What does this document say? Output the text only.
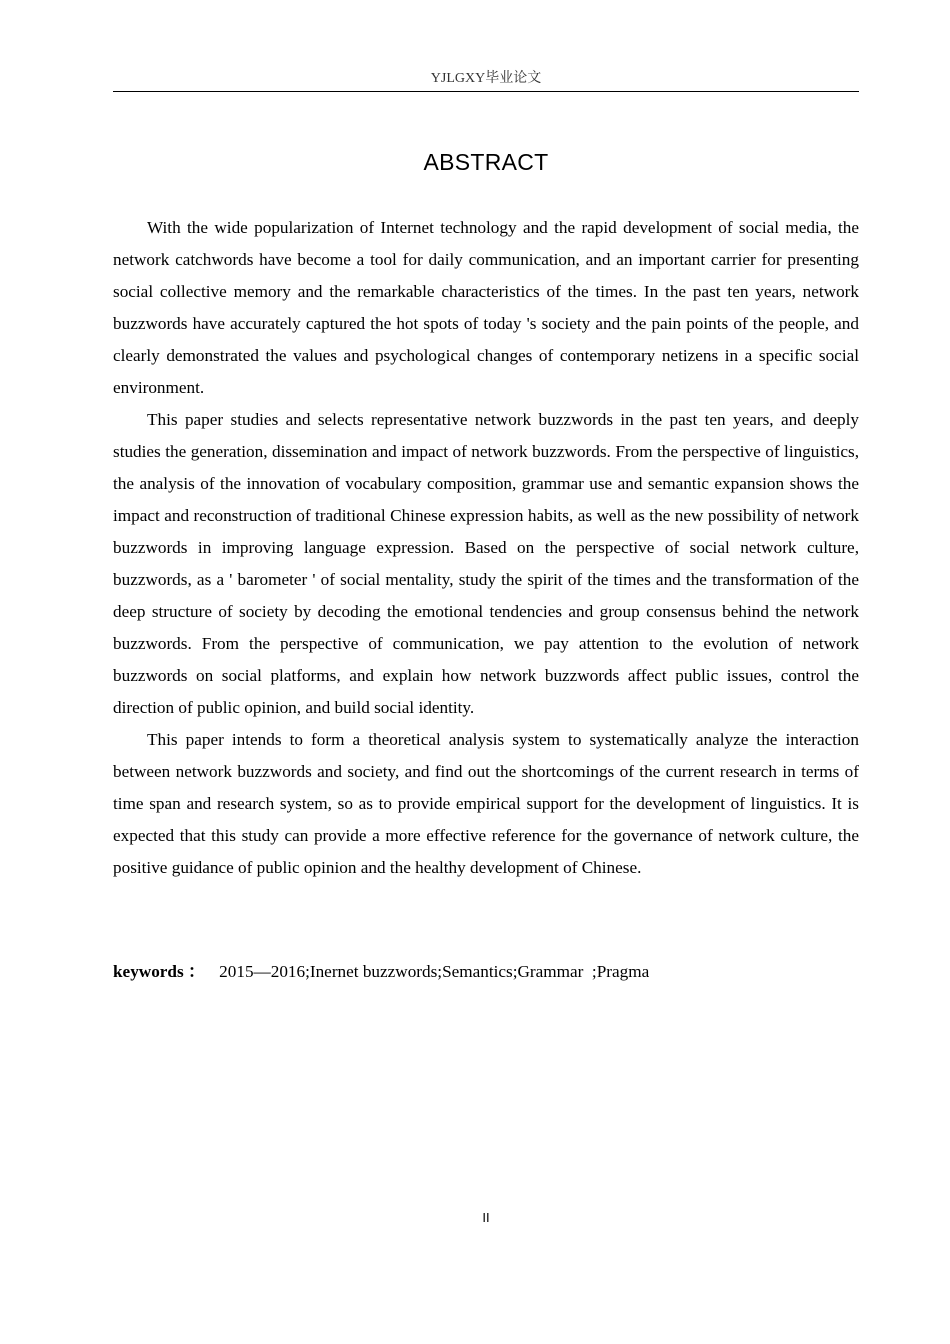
YJLGXY毕业论文
ABSTRACT

With the wide popularization of Internet technology and the rapid development of social media, the network catchwords have become a tool for daily communication, and an important carrier for presenting social collective memory and the remarkable characteristics of the times. In the past ten years, network buzzwords have accurately captured the hot spots of today 's society and the pain points of the people, and clearly demonstrated the values and psychological changes of contemporary netizens in a specific social environment.

This paper studies and selects representative network buzzwords in the past ten years, and deeply studies the generation, dissemination and impact of network buzzwords. From the perspective of linguistics, the analysis of the innovation of vocabulary composition, grammar use and semantic expansion shows the impact and reconstruction of traditional Chinese expression habits, as well as the new possibility of network buzzwords in improving language expression. Based on the perspective of social network culture, buzzwords, as a ' barometer ' of social mentality, study the spirit of the times and the transformation of the deep structure of society by decoding the emotional tendencies and group consensus behind the network buzzwords. From the perspective of communication, we pay attention to the evolution of network buzzwords on social platforms, and explain how network buzzwords affect public issues, control the direction of public opinion, and build social identity.

This paper intends to form a theoretical analysis system to systematically analyze the interaction between network buzzwords and society, and find out the shortcomings of the current research in terms of time span and research system, so as to provide empirical support for the development of linguistics. It is expected that this study can provide a more effective reference for the governance of network culture, the positive guidance of public opinion and the healthy development of Chinese.

keywords ： 2015—2016;Inernet buzzwords;Semantics;Grammar  ;Pragma
II
